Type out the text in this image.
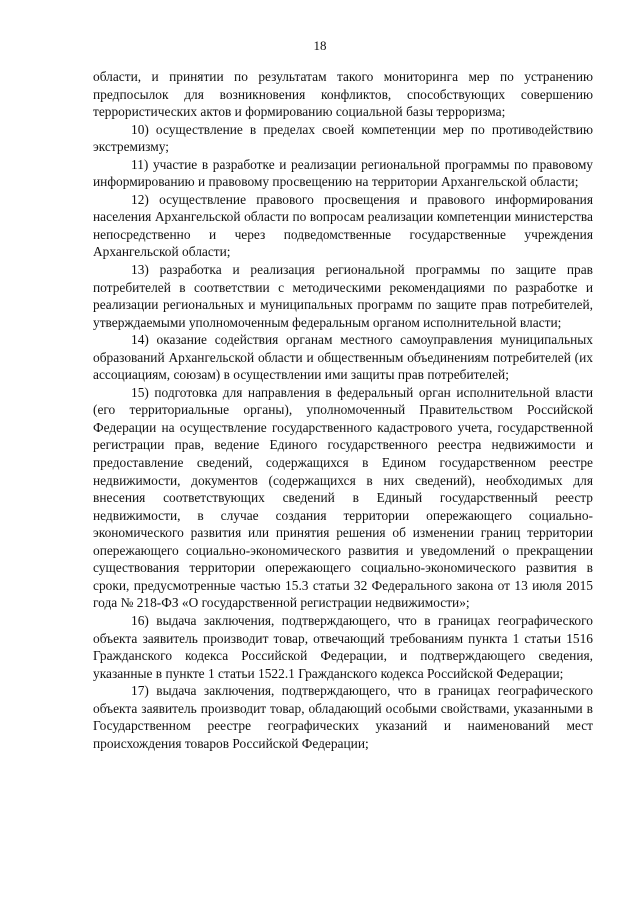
18

области, и принятии по результатам такого мониторинга мер по устранению предпосылок для возникновения конфликтов, способствующих совершению террористических актов и формированию социальной базы терроризма;

10) осуществление в пределах своей компетенции мер по противодействию экстремизму;

11) участие в разработке и реализации региональной программы по правовому информированию и правовому просвещению на территории Архангельской области;

12) осуществление правового просвещения и правового информирования населения Архангельской области по вопросам реализации компетенции министерства непосредственно и через подведомственные государственные учреждения Архангельской области;

13) разработка и реализация региональной программы по защите прав потребителей в соответствии с методическими рекомендациями по разработке и реализации региональных и муниципальных программ по защите прав потребителей, утверждаемыми уполномоченным федеральным органом исполнительной власти;

14) оказание содействия органам местного самоуправления муниципальных образований Архангельской области и общественным объединениям потребителей (их ассоциациям, союзам) в осуществлении ими защиты прав потребителей;

15) подготовка для направления в федеральный орган исполнительной власти (его территориальные органы), уполномоченный Правительством Российской Федерации на осуществление государственного кадастрового учета, государственной регистрации прав, ведение Единого государственного реестра недвижимости и предоставление сведений, содержащихся в Едином государственном реестре недвижимости, документов (содержащихся в них сведений), необходимых для внесения соответствующих сведений в Единый государственный реестр недвижимости, в случае создания территории опережающего социально-экономического развития или принятия решения об изменении границ территории опережающего социально-экономического развития и уведомлений о прекращении существования территории опережающего социально-экономического развития в сроки, предусмотренные частью 15.3 статьи 32 Федерального закона от 13 июля 2015 года № 218-ФЗ «О государственной регистрации недвижимости»;

16) выдача заключения, подтверждающего, что в границах географического объекта заявитель производит товар, отвечающий требованиям пункта 1 статьи 1516 Гражданского кодекса Российской Федерации, и подтверждающего сведения, указанные в пункте 1 статьи 1522.1 Гражданского кодекса Российской Федерации;

17) выдача заключения, подтверждающего, что в границах географического объекта заявитель производит товар, обладающий особыми свойствами, указанными в Государственном реестре географических указаний и наименований мест происхождения товаров Российской Федерации;
